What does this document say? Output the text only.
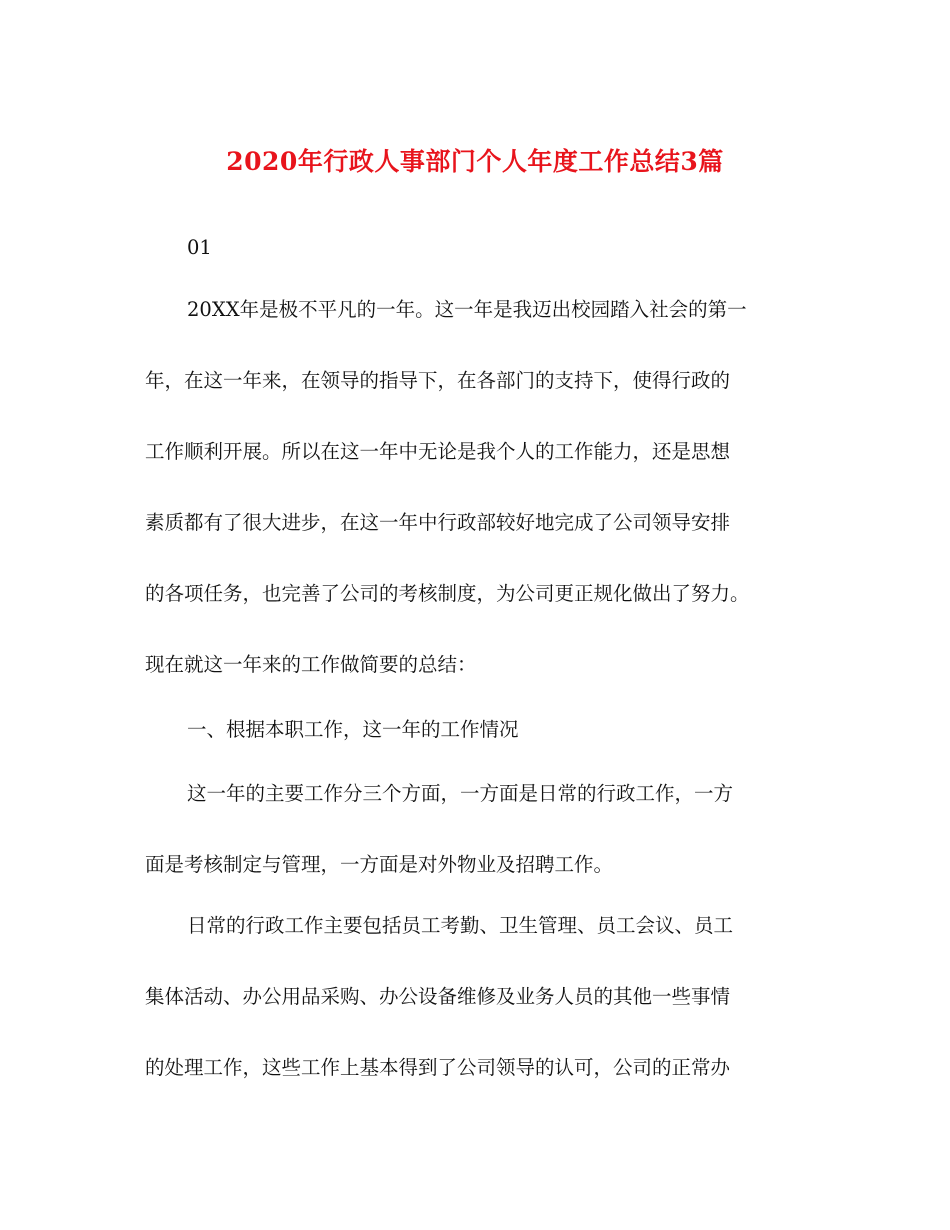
2020年行政人事部门个人年度工作总结3篇
01
20XX年是极不平凡的一年。这一年是我迈出校园踏入社会的第一
年，在这一年来，在领导的指导下，在各部门的支持下，使得行政的
工作顺利开展。所以在这一年中无论是我个人的工作能力，还是思想
素质都有了很大进步，在这一年中行政部较好地完成了公司领导安排
的各项任务，也完善了公司的考核制度，为公司更正规化做出了努力。
现在就这一年来的工作做简要的总结：
一、根据本职工作，这一年的工作情况
这一年的主要工作分三个方面，一方面是日常的行政工作，一方
面是考核制定与管理，一方面是对外物业及招聘工作。
日常的行政工作主要包括员工考勤、卫生管理、员工会议、员工
集体活动、办公用品采购、办公设备维修及业务人员的其他一些事情
的处理工作，这些工作上基本得到了公司领导的认可，公司的正常办
